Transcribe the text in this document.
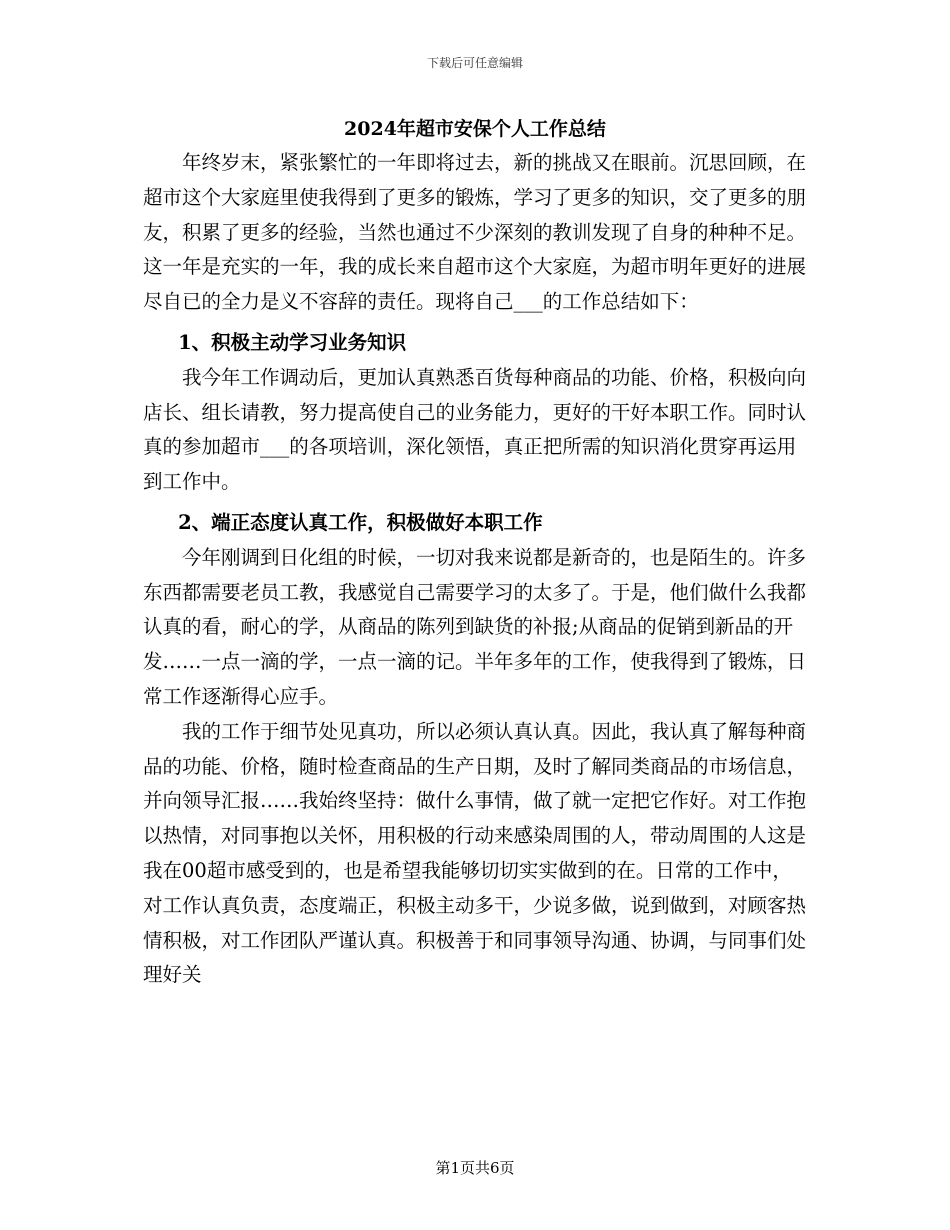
下载后可任意编辑
2024年超市安保个人工作总结

年终岁末，紧张繁忙的一年即将过去，新的挑战又在眼前。沉思回顾，在超市这个大家庭里使我得到了更多的锻炼，学习了更多的知识，交了更多的朋友，积累了更多的经验，当然也通过不少深刻的教训发现了自身的种种不足。这一年是充实的一年，我的成长来自超市这个大家庭，为超市明年更好的进展尽自已的全力是义不容辞的责任。现将自己___的工作总结如下：

1、积极主动学习业务知识

我今年工作调动后，更加认真熟悉百货每种商品的功能、价格，积极向向店长、组长请教，努力提高使自己的业务能力，更好的干好本职工作。同时认真的参加超市___的各项培训，深化领悟，真正把所需的知识消化贯穿再运用到工作中。

2、端正态度认真工作，积极做好本职工作

今年刚调到日化组的时候，一切对我来说都是新奇的，也是陌生的。许多东西都需要老员工教，我感觉自己需要学习的太多了。于是，他们做什么我都认真的看，耐心的学，从商品的陈列到缺货的补报;从商品的促销到新品的开发……一点一滴的学，一点一滴的记。半年多年的工作，使我得到了锻炼，日常工作逐渐得心应手。

我的工作于细节处见真功，所以必须认真认真。因此，我认真了解每种商品的功能、价格，随时检查商品的生产日期，及时了解同类商品的市场信息，并向领导汇报……我始终坚持：做什么事情，做了就一定把它作好。对工作抱以热情，对同事抱以关怀，用积极的行动来感染周围的人，带动周围的人这是我在00超市感受到的，也是希望我能够切切实实做到的在。日常的工作中，对工作认真负责，态度端正，积极主动多干，少说多做，说到做到，对顾客热情积极，对工作团队严谨认真。积极善于和同事领导沟通、协调，与同事们处理好关

第1页共6页
